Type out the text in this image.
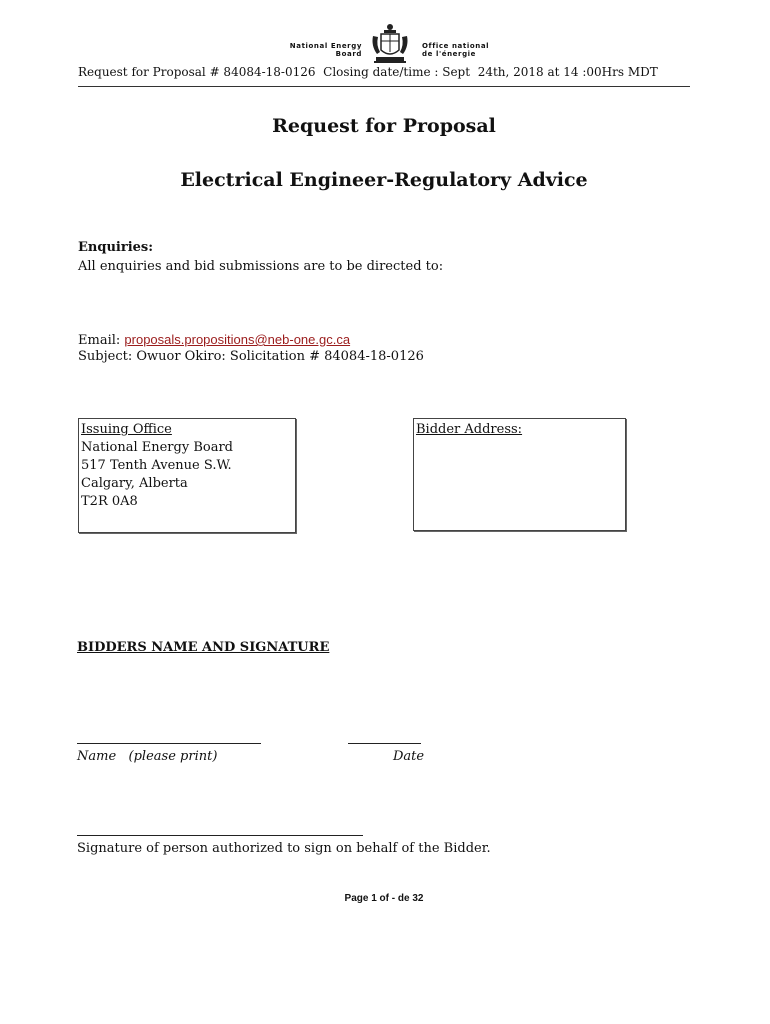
National Energy
Board
Office national
de l'énergie
Request for Proposal # 84084-18-0126  Closing date/time : Sept  24th, 2018 at 14 :00Hrs MDT
Request for Proposal
Electrical Engineer-Regulatory Advice
Enquiries:
All enquiries and bid submissions are to be directed to:
Email: proposals.propositions@neb-one.gc.ca
Subject: Owuor Okiro: Solicitation # 84084-18-0126
Issuing Office
National Energy Board
517 Tenth Avenue S.W.
Calgary, Alberta
T2R 0A8
Bidder Address:
BIDDERS NAME AND SIGNATURE
Name   (please print)	Date
Signature of person authorized to sign on behalf of the Bidder.
Page 1 of - de 32
